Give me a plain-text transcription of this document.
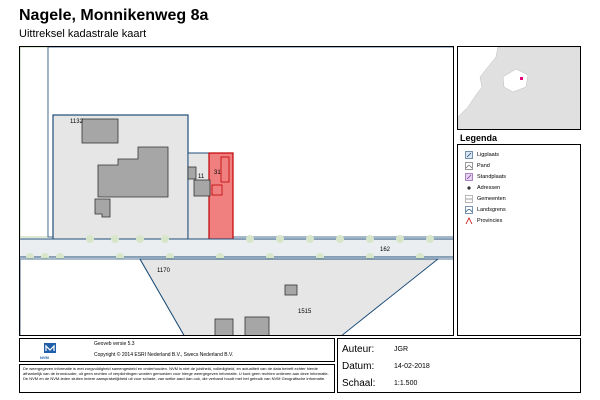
Nagele, Monnikenweg 8a
Uittreksel kadastrale kaart
1132
11
31
162
1170
1515
Legenda
Ligplaats
Pand
Standplaats
Adressen
Gemeenten
Landsgrens
Provincies
NVM
Geoveb versie 5.3
Copyright © 2014 ESRI Nederland B.V., Swecs Nederland B.V.
De weergegeven informatie is met zorgvuldigheid samengesteld en onderhouden. NVM is niet de juistheid, volledigheid, en actualiteit van de data betreft echter hierde afhankelijk van de brondouder, uit geen rechten of verplichtingen worden gemoeden voor hierge weergegeven informatie. U kunt geen rechten ontlenen aan deze informatie. De NVM en de NVM-leden sluiten iedere aansprakelijkheid uit voor schade, van welke aard dan ook, die verband houdt met het gebruik van NVM Geografische informatie.
Auteur:	JGR
Datum:	14-02-2018
Schaal:	1:1.500
